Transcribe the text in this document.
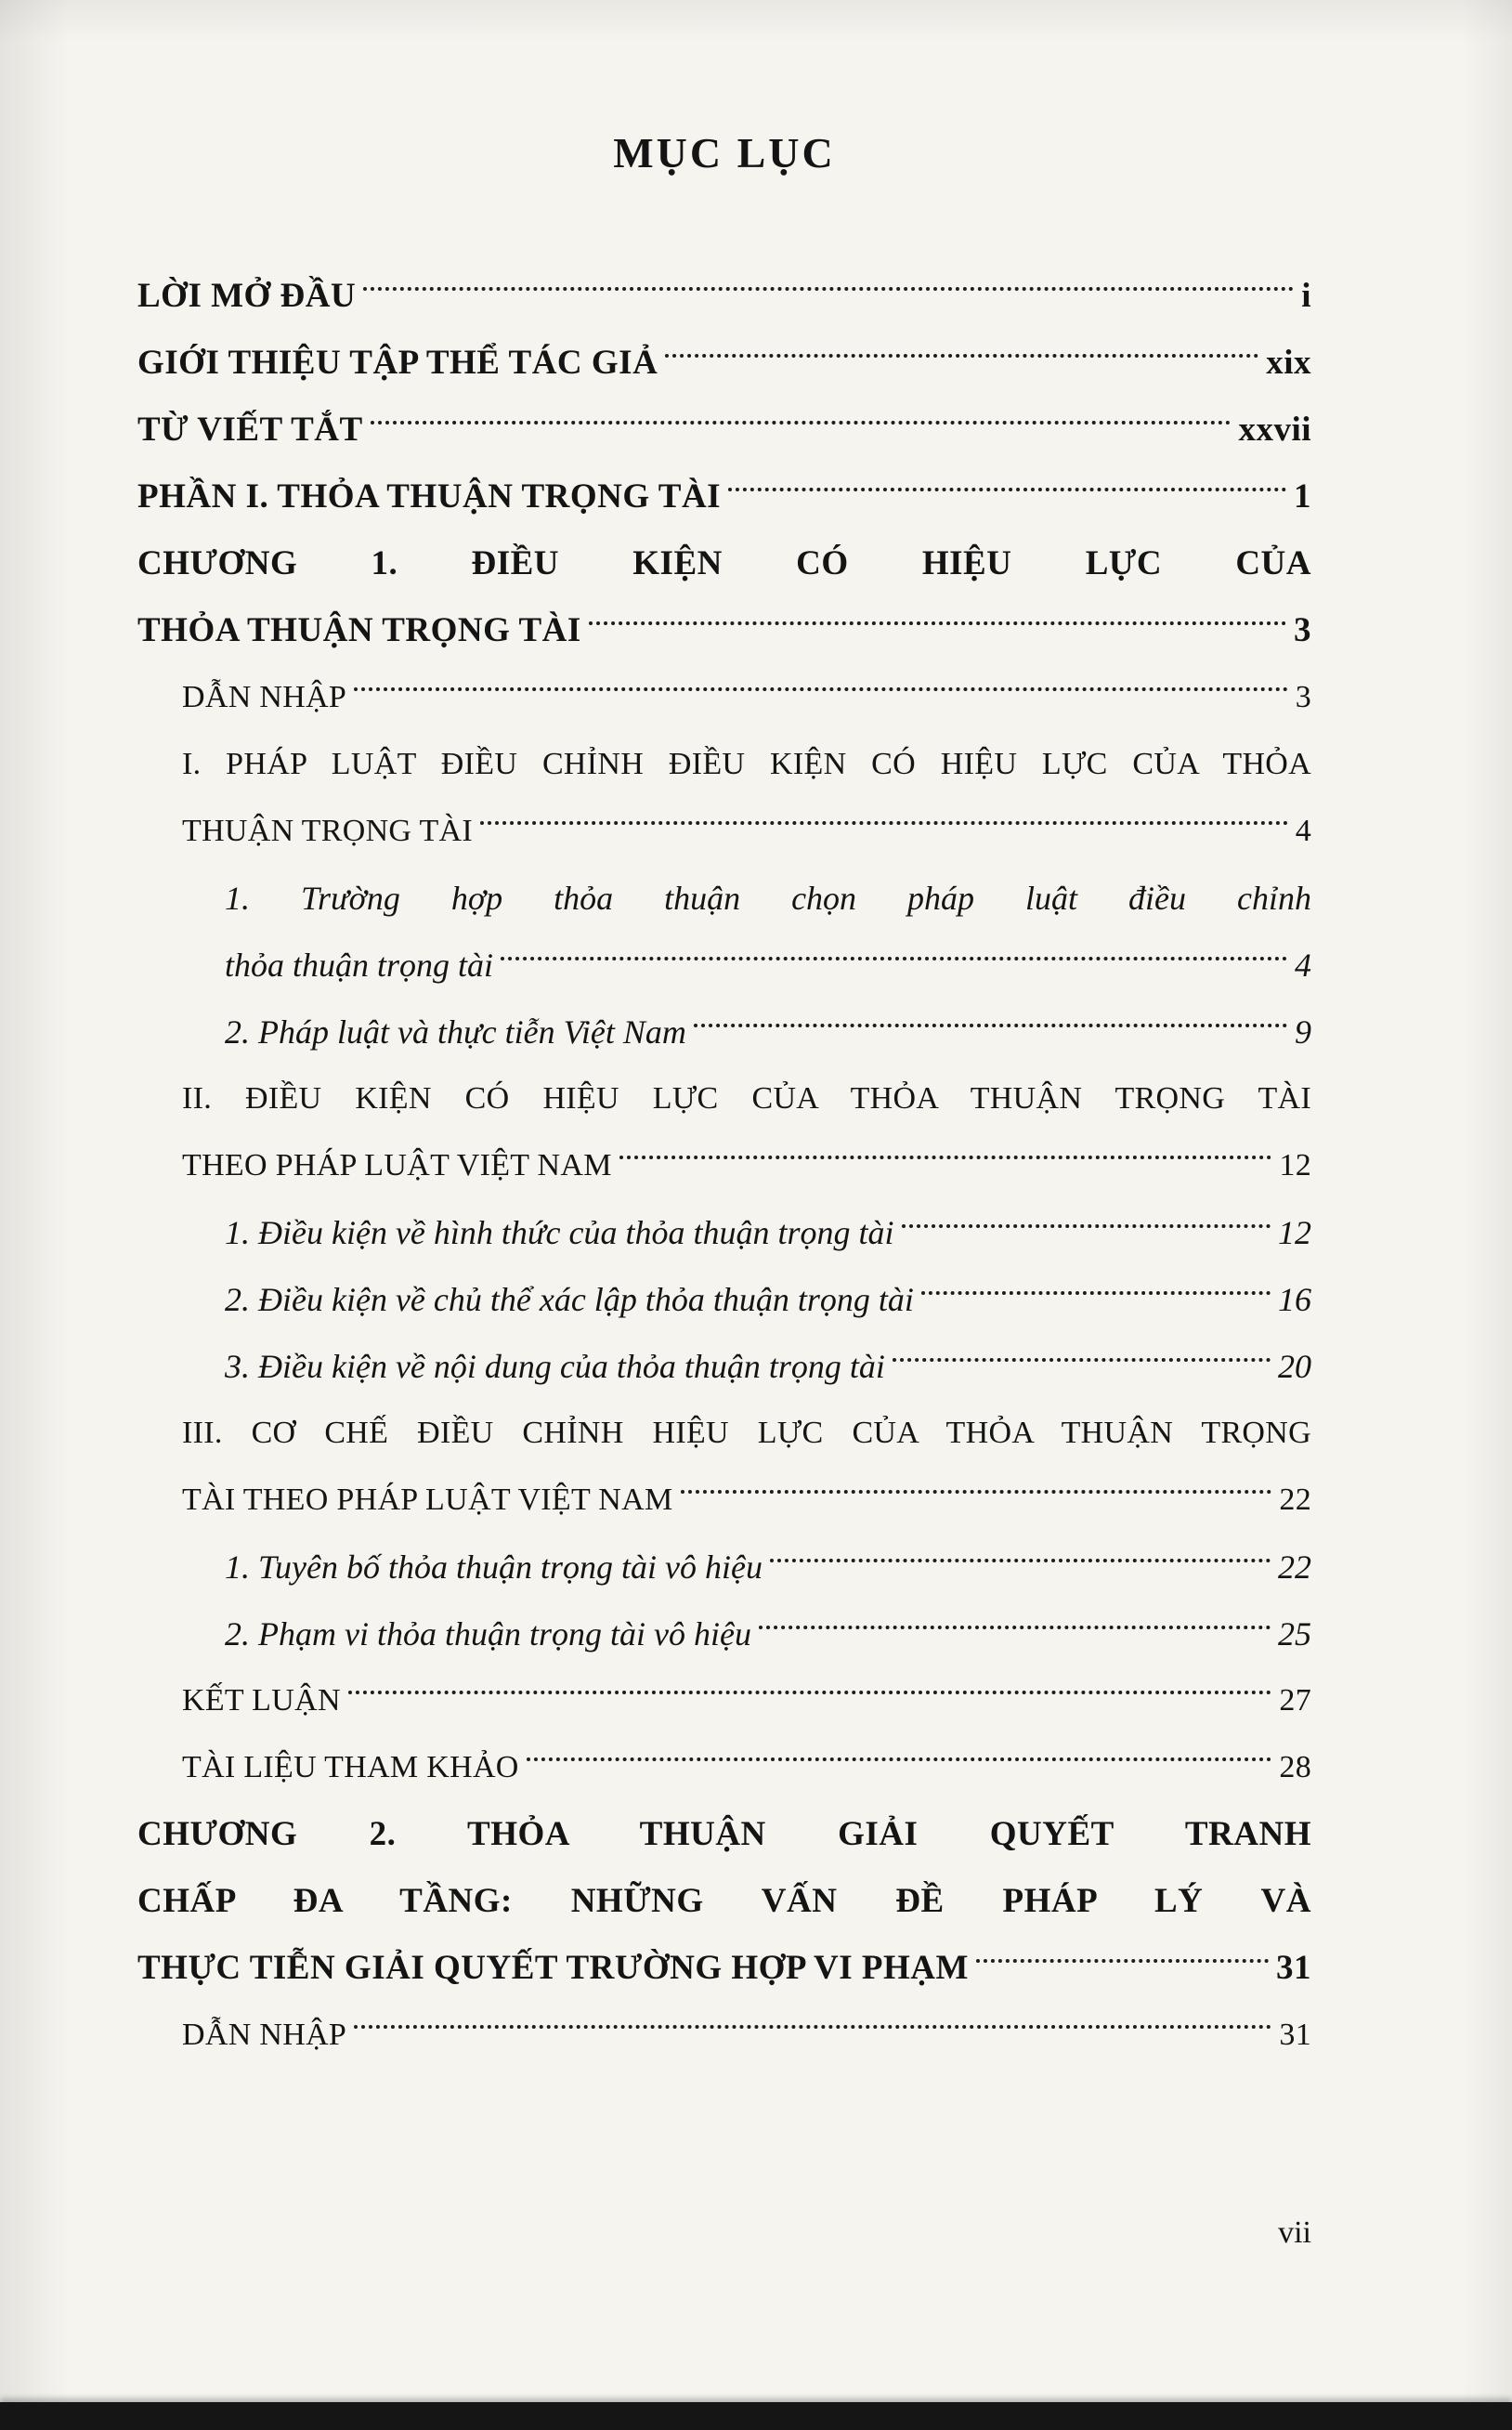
MỤC LỤC
LỜI MỞ ĐẦU	i
GIỚI THIỆU TẬP THỂ TÁC GIẢ	xix
TỪ VIẾT TẮT	xxvii
PHẦN I. THỎA THUẬN TRỌNG TÀI	1
CHƯƠNG 1. ĐIỀU KIỆN CÓ HIỆU LỰC CỦA
THỎA THUẬN TRỌNG TÀI	3
DẪN NHẬP	3
I. PHÁP LUẬT ĐIỀU CHỈNH ĐIỀU KIỆN CÓ HIỆU LỰC CỦA THỎA
THUẬN TRỌNG TÀI	4
1. Trường hợp thỏa thuận chọn pháp luật điều chỉnh
thỏa thuận trọng tài	4
2. Pháp luật và thực tiễn Việt Nam	9
II. ĐIỀU KIỆN CÓ HIỆU LỰC CỦA THỎA THUẬN TRỌNG TÀI
THEO PHÁP LUẬT VIỆT NAM	12
1. Điều kiện về hình thức của thỏa thuận trọng tài	12
2. Điều kiện về chủ thể xác lập thỏa thuận trọng tài	16
3. Điều kiện về nội dung của thỏa thuận trọng tài	20
III. CƠ CHẾ ĐIỀU CHỈNH HIỆU LỰC CỦA THỎA THUẬN TRỌNG
TÀI THEO PHÁP LUẬT VIỆT NAM	22
1. Tuyên bố thỏa thuận trọng tài vô hiệu	22
2. Phạm vi thỏa thuận trọng tài vô hiệu	25
KẾT LUẬN	27
TÀI LIỆU THAM KHẢO	28
CHƯƠNG 2. THỎA THUẬN GIẢI QUYẾT TRANH
CHẤP ĐA TẦNG: NHỮNG VẤN ĐỀ PHÁP LÝ VÀ
THỰC TIỄN GIẢI QUYẾT TRƯỜNG HỢP VI PHẠM	31
DẪN NHẬP	31
vii
